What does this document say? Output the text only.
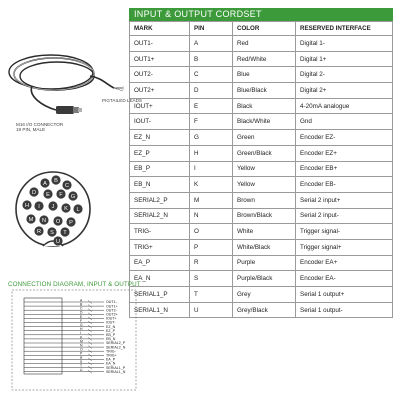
PIGTAILED LEADS
M16 I/O CONNECTOR
19 PIN, MALE
A B
C
D E F G
H I J K L
M N O P
R S T
U
INPUT & OUTPUT CORDSET
MARK	PIN	COLOR	RESERVED INTERFACE
OUT1-	A	Red	Digital 1-
OUT1+	B	Red/White	Digital 1+
OUT2-	C	Blue	Digital 2-
OUT2+	D	Blue/Black	Digital 2+
IOUT+	E	Black	4-20mA analogue
IOUT-	F	Black/White	Gnd
EZ_N	G	Green	Encoder EZ-
EZ_P	H	Green/Black	Encoder EZ+
EB_P	I	Yellow	Encoder EB+
EB_N	K	Yellow	Encoder EB-
SERIAL2_P	M	Brown	Serial 2 input+
SERIAL2_N	N	Brown/Black	Serial 2 input-
TRIG-	O	White	Trigger signal-
TRIG+	P	White/Black	Trigger signal+
EA_P	R	Purple	Encoder EA+
EA_N	S	Purple/Black	Encoder EA-
SERIAL1_P	T	Grey	Serial 1 output+
SERIAL1_N	U	Grey/Black	Serial 1 output-
CONNECTION DIAGRAM, INPUT & OUTPUT
A	OUT1-
B	OUT1+
C	OUT2-
D	OUT2+
E	IOUT+
F	IOUT-
G	EZ_N
H	EZ_P
I	EB_P
K	EB_N
M	SERIAL2_P
N	SERIAL2_N
O	TRIG-
P	TRIG+
R	EA_P
S	EA_N
T	SERIAL1_P
U	SERIAL1_N
